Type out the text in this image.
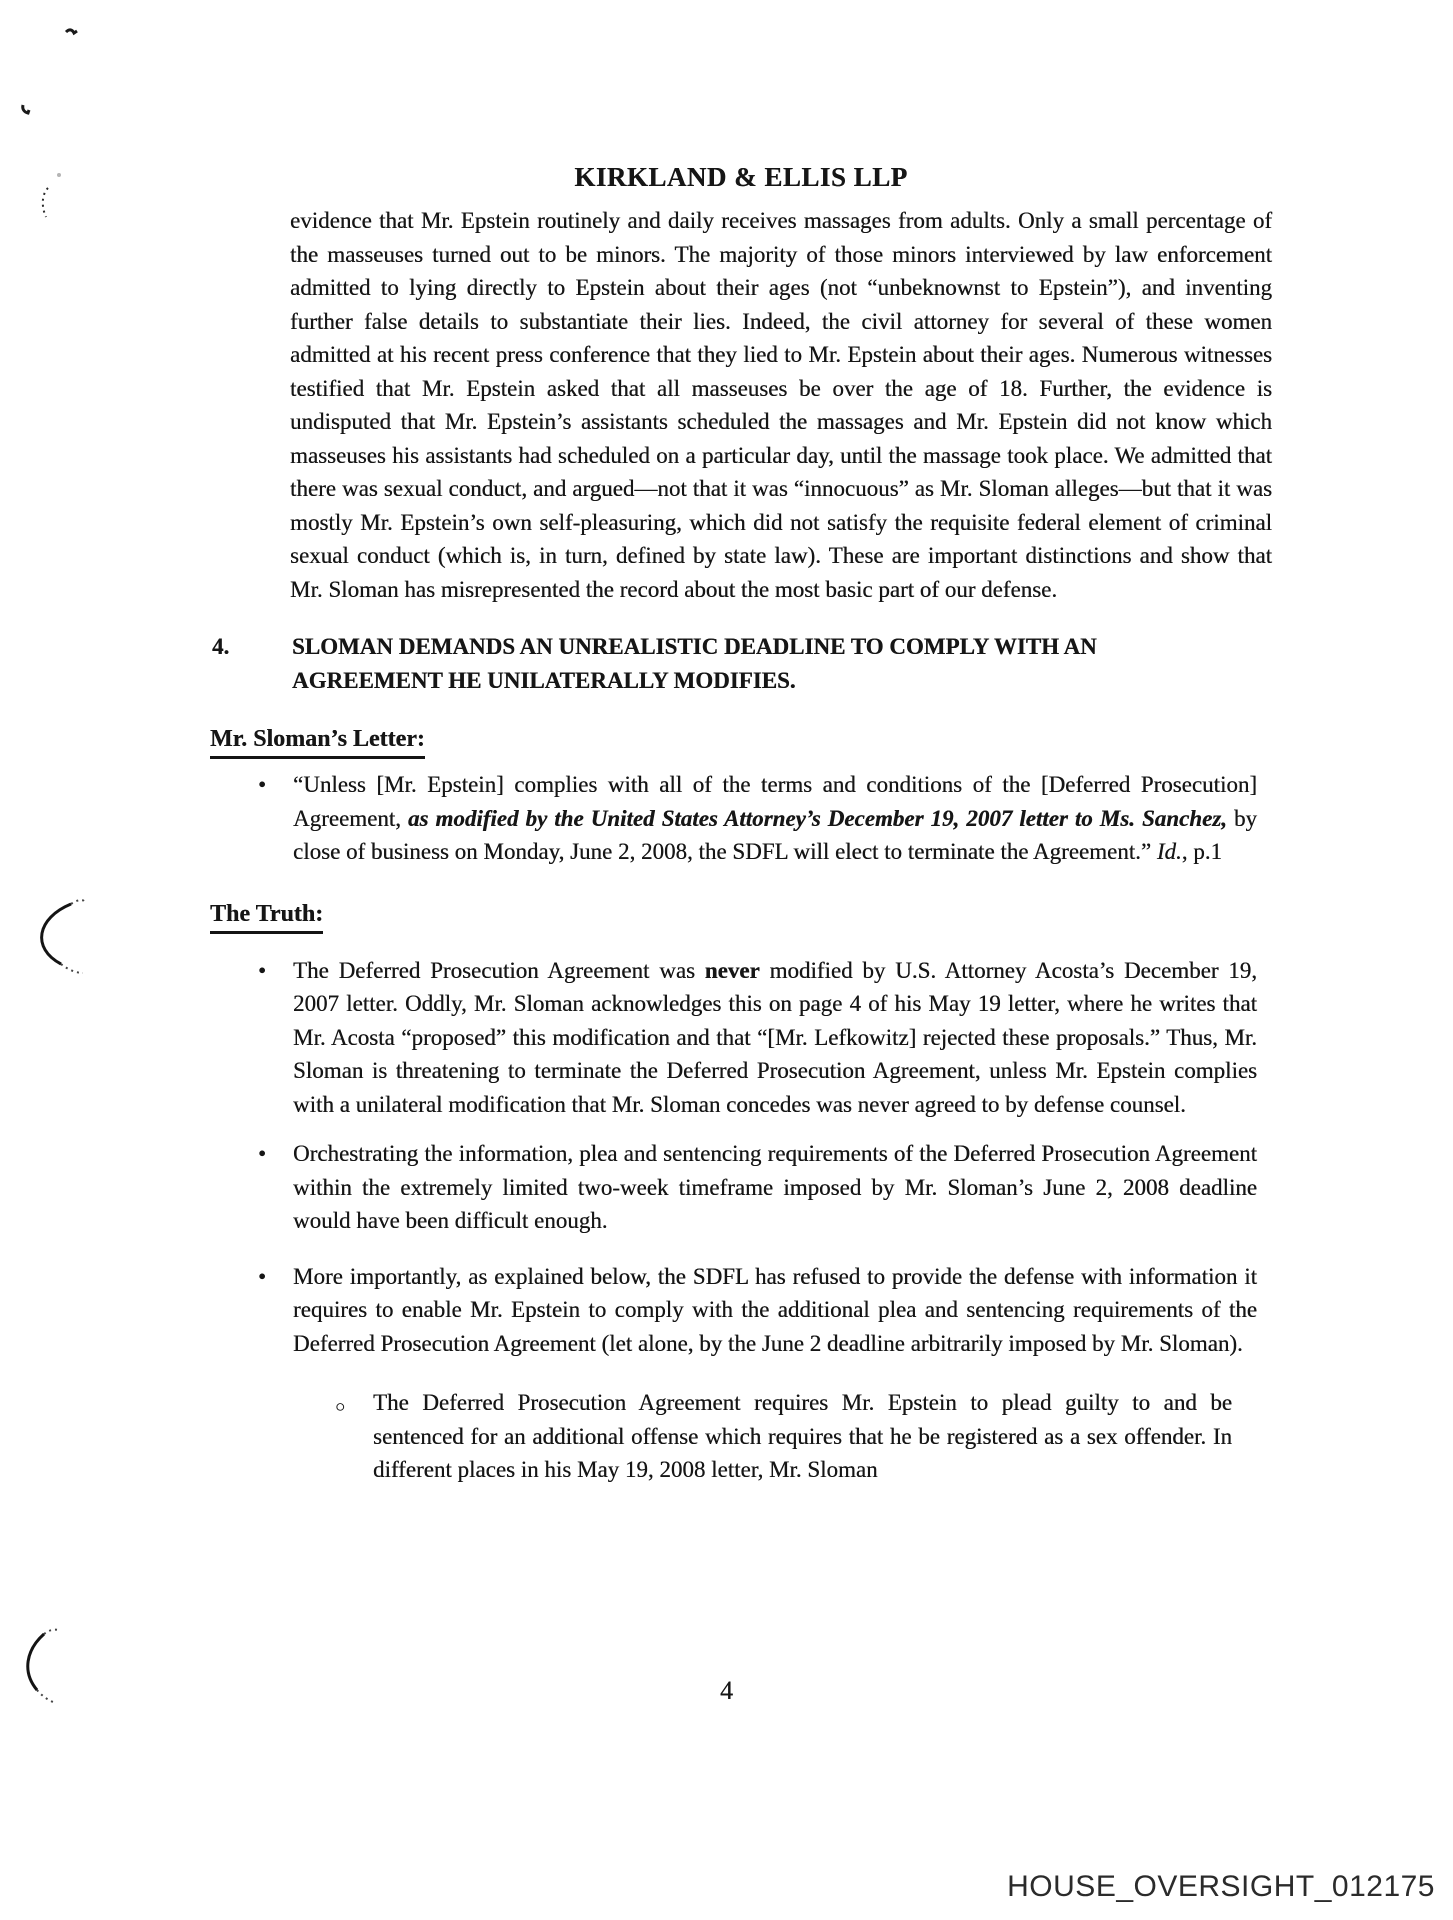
KIRKLAND & ELLIS LLP

evidence that Mr. Epstein routinely and daily receives massages from adults. Only a small percentage of the masseuses turned out to be minors. The majority of those minors interviewed by law enforcement admitted to lying directly to Epstein about their ages (not “unbeknownst to Epstein”), and inventing further false details to substantiate their lies. Indeed, the civil attorney for several of these women admitted at his recent press conference that they lied to Mr. Epstein about their ages. Numerous witnesses testified that Mr. Epstein asked that all masseuses be over the age of 18. Further, the evidence is undisputed that Mr. Epstein’s assistants scheduled the massages and Mr. Epstein did not know which masseuses his assistants had scheduled on a particular day, until the massage took place. We admitted that there was sexual conduct, and argued—not that it was “innocuous” as Mr. Sloman alleges—but that it was mostly Mr. Epstein’s own self-pleasuring, which did not satisfy the requisite federal element of criminal sexual conduct (which is, in turn, defined by state law). These are important distinctions and show that Mr. Sloman has misrepresented the record about the most basic part of our defense.

4.	SLOMAN DEMANDS AN UNREALISTIC DEADLINE TO COMPLY WITH AN
AGREEMENT HE UNILATERALLY MODIFIES.
Mr. Sloman’s Letter:
•	“Unless [Mr. Epstein] complies with all of the terms and conditions of the [Deferred Prosecution] Agreement, as modified by the United States Attorney’s December 19, 2007 letter to Ms. Sanchez, by close of business on Monday, June 2, 2008, the SDFL will elect to terminate the Agreement.” Id., p.1
The Truth:
•	The Deferred Prosecution Agreement was never modified by U.S. Attorney Acosta’s December 19, 2007 letter. Oddly, Mr. Sloman acknowledges this on page 4 of his May 19 letter, where he writes that Mr. Acosta “proposed” this modification and that “[Mr. Lefkowitz] rejected these proposals.” Thus, Mr. Sloman is threatening to terminate the Deferred Prosecution Agreement, unless Mr. Epstein complies with a unilateral modification that Mr. Sloman concedes was never agreed to by defense counsel.
•	Orchestrating the information, plea and sentencing requirements of the Deferred Prosecution Agreement within the extremely limited two-week timeframe imposed by Mr. Sloman’s June 2, 2008 deadline would have been difficult enough.
•	More importantly, as explained below, the SDFL has refused to provide the defense with information it requires to enable Mr. Epstein to comply with the additional plea and sentencing requirements of the Deferred Prosecution Agreement (let alone, by the June 2 deadline arbitrarily imposed by Mr. Sloman).
○	The Deferred Prosecution Agreement requires Mr. Epstein to plead guilty to and be sentenced for an additional offense which requires that he be registered as a sex offender. In different places in his May 19, 2008 letter, Mr. Sloman
4
HOUSE_OVERSIGHT_012175
